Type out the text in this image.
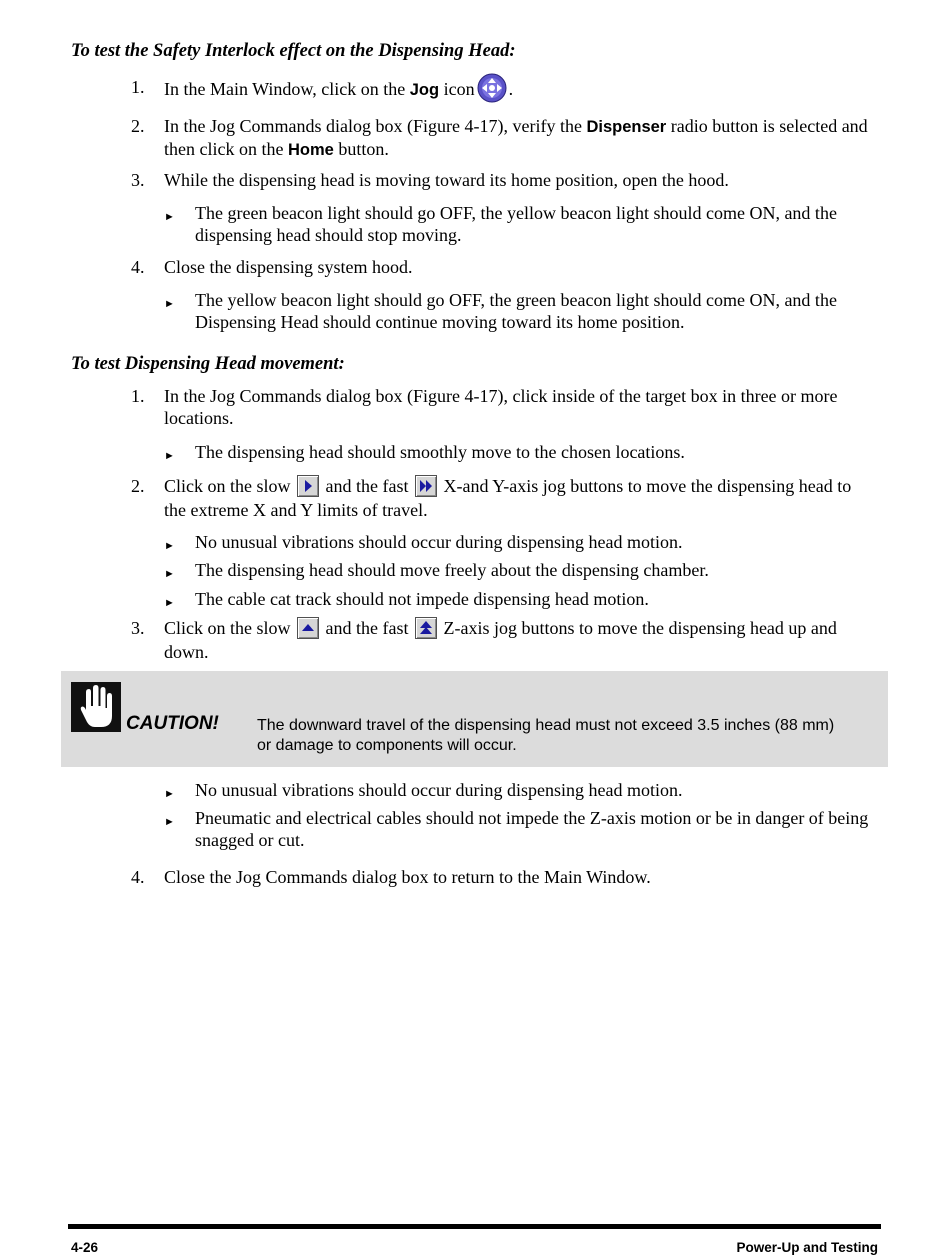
To test the Safety Interlock effect on the Dispensing Head:
1.	In the Main Window, click on the Jog icon .
2.	In the Jog Commands dialog box (Figure 4-17), verify the Dispenser radio button is selected and then click on the Home button.
3.	While the dispensing head is moving toward its home position, open the hood.
► The green beacon light should go OFF, the yellow beacon light should come ON, and the dispensing head should stop moving.
4.	Close the dispensing system hood.
► The yellow beacon light should go OFF, the green beacon light should come ON, and the Dispensing Head should continue moving toward its home position.
To test Dispensing Head movement:
1.	In the Jog Commands dialog box (Figure 4-17), click inside of the target box in three or more locations.
► The dispensing head should smoothly move to the chosen locations.
2.	Click on the slow
and the fast
X-and Y-axis jog buttons to move the dispensing head to the extreme X and Y limits of travel.
► No unusual vibrations should occur during dispensing head motion.
► The dispensing head should move freely about the dispensing chamber.
► The cable cat track should not impede dispensing head motion.
3.	Click on the slow
and the fast
Z-axis jog buttons to move the dispensing head up and down.
CAUTION! The downward travel of the dispensing head must not exceed 3.5 inches (88 mm) or damage to components will occur.
► No unusual vibrations should occur during dispensing head motion.
► Pneumatic and electrical cables should not impede the Z-axis motion or be in danger of being snagged or cut.
4.	Close the Jog Commands dialog box to return to the Main Window.
4-26	Power-Up and Testing
